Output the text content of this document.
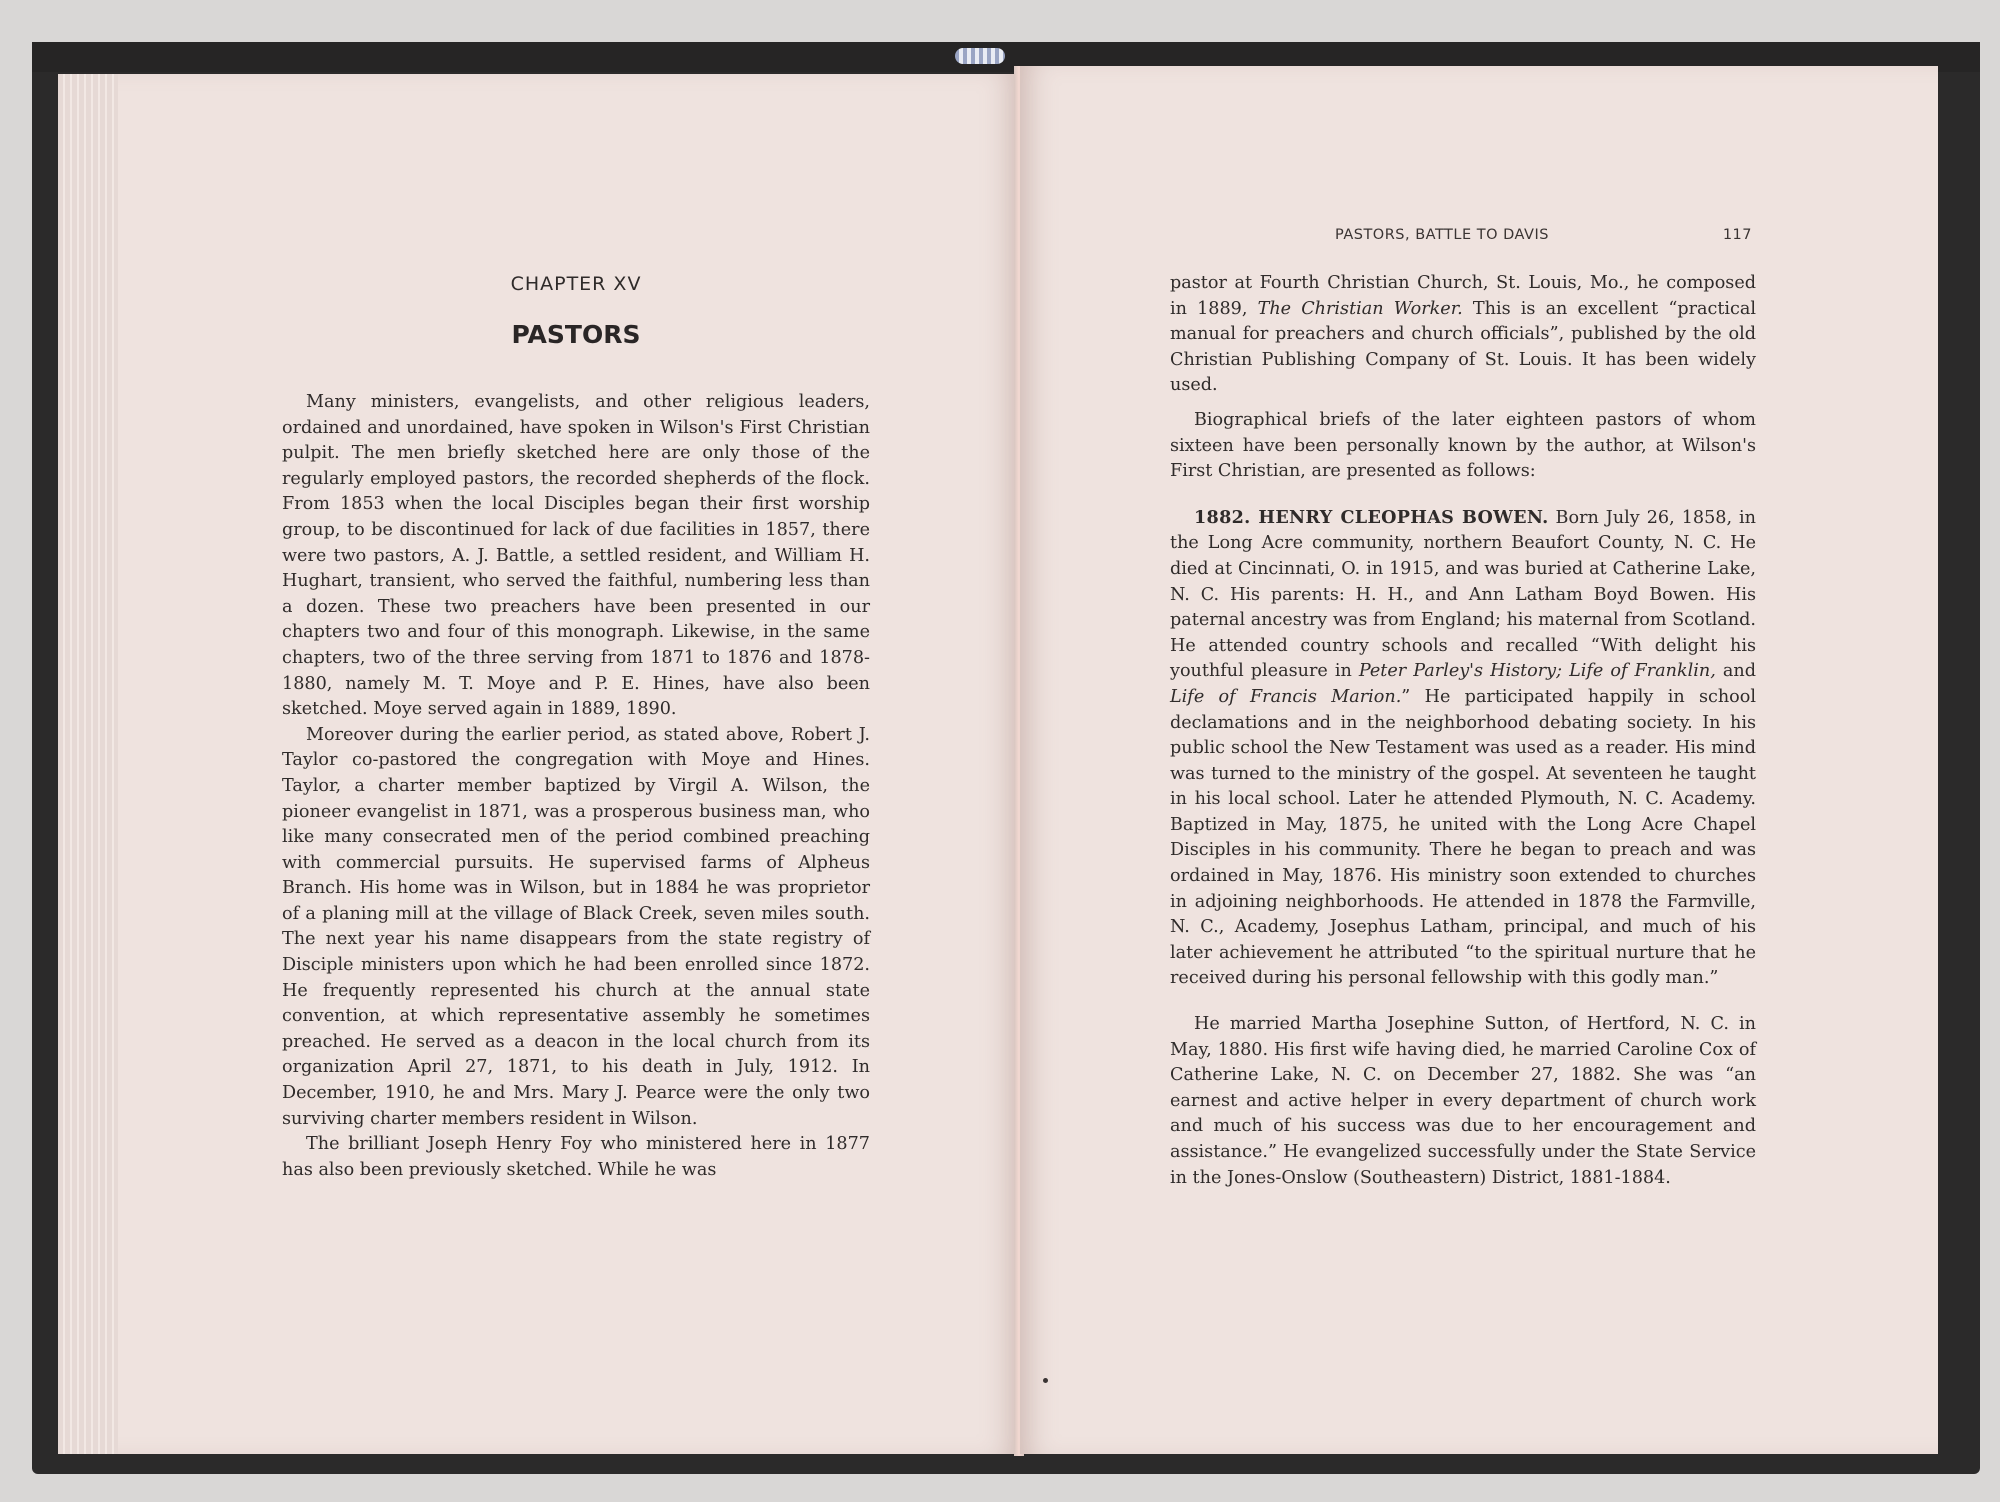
CHAPTER XV
PASTORS

Many ministers, evangelists, and other religious leaders, ordained and unordained, have spoken in Wilson's First Christian pulpit. The men briefly sketched here are only those of the regularly employed pastors, the recorded shepherds of the flock. From 1853 when the local Disciples began their first worship group, to be discontinued for lack of due facilities in 1857, there were two pastors, A. J. Battle, a settled resident, and William H. Hughart, transient, who served the faithful, numbering less than a dozen. These two preachers have been presented in our chapters two and four of this monograph. Likewise, in the same chapters, two of the three serving from 1871 to 1876 and 1878-1880, namely M. T. Moye and P. E. Hines, have also been sketched. Moye served again in 1889, 1890.

Moreover during the earlier period, as stated above, Robert J. Taylor co-pastored the congregation with Moye and Hines. Taylor, a charter member baptized by Virgil A. Wilson, the pioneer evangelist in 1871, was a prosperous business man, who like many consecrated men of the period combined preaching with commercial pursuits. He supervised farms of Alpheus Branch. His home was in Wilson, but in 1884 he was proprietor of a planing mill at the village of Black Creek, seven miles south. The next year his name disappears from the state registry of Disciple ministers upon which he had been enrolled since 1872. He frequently represented his church at the annual state convention, at which representative assembly he sometimes preached. He served as a deacon in the local church from its organization April 27, 1871, to his death in July, 1912. In December, 1910, he and Mrs. Mary J. Pearce were the only two surviving charter members resident in Wilson.

The brilliant Joseph Henry Foy who ministered here in 1877 has also been previously sketched. While he was

PASTORS, BATTLE TO DAVIS	117

pastor at Fourth Christian Church, St. Louis, Mo., he composed in 1889, The Christian Worker. This is an excellent “practical manual for preachers and church officials”, published by the old Christian Publishing Company of St. Louis. It has been widely used.

Biographical briefs of the later eighteen pastors of whom sixteen have been personally known by the author, at Wilson's First Christian, are presented as follows:

1882. HENRY CLEOPHAS BOWEN. Born July 26, 1858, in the Long Acre community, northern Beaufort County, N. C. He died at Cincinnati, O. in 1915, and was buried at Catherine Lake, N. C. His parents: H. H., and Ann Latham Boyd Bowen. His paternal ancestry was from England; his maternal from Scotland. He attended country schools and recalled “With delight his youthful pleasure in Peter Parley's History; Life of Franklin, and Life of Francis Marion.” He participated happily in school declamations and in the neighborhood debating society. In his public school the New Testament was used as a reader. His mind was turned to the ministry of the gospel. At seventeen he taught in his local school. Later he attended Plymouth, N. C. Academy. Baptized in May, 1875, he united with the Long Acre Chapel Disciples in his community. There he began to preach and was ordained in May, 1876. His ministry soon extended to churches in adjoining neighborhoods. He attended in 1878 the Farmville, N. C., Academy, Josephus Latham, principal, and much of his later achievement he attributed “to the spiritual nurture that he received during his personal fellowship with this godly man.”

He married Martha Josephine Sutton, of Hertford, N. C. in May, 1880. His first wife having died, he married Caroline Cox of Catherine Lake, N. C. on December 27, 1882. She was “an earnest and active helper in every department of church work and much of his success was due to her encouragement and assistance.” He evangelized successfully under the State Service in the Jones-Onslow (Southeastern) District, 1881-1884.
